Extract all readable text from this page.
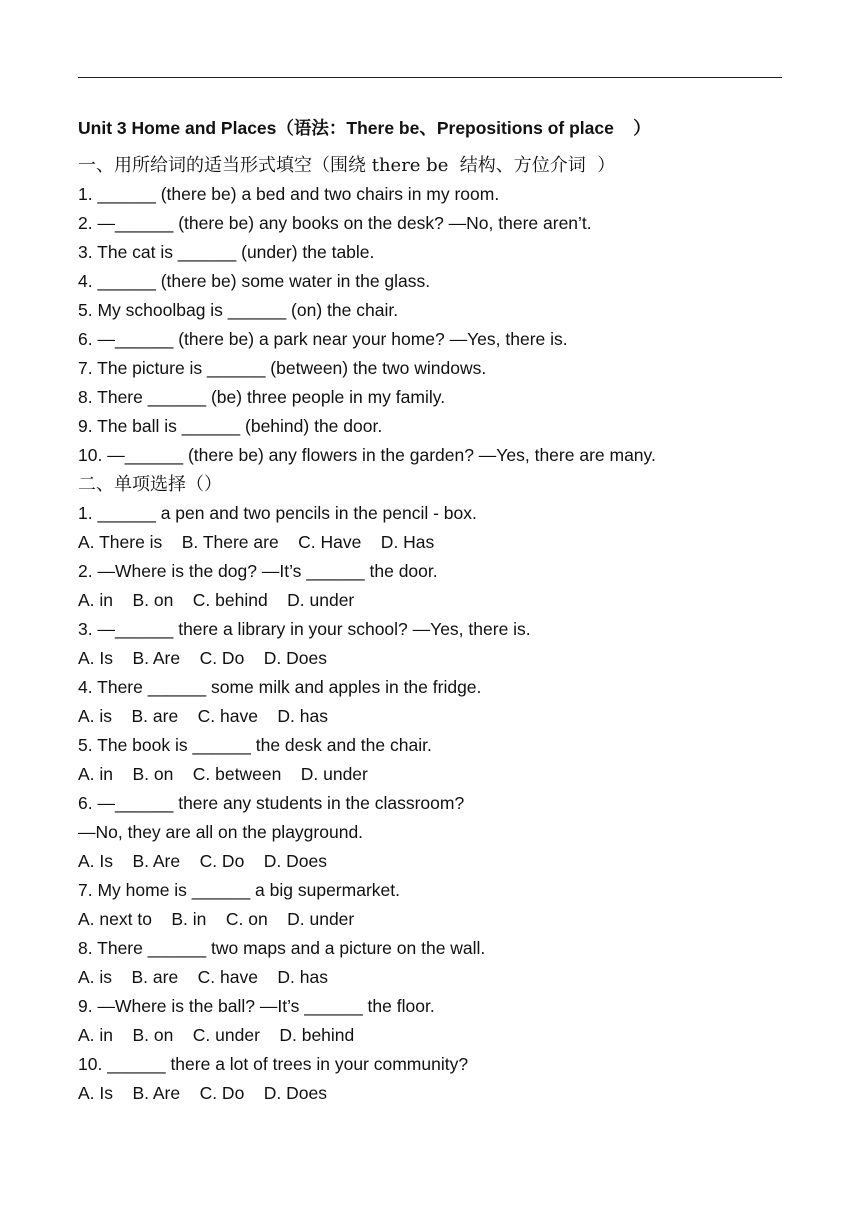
Unit 3 Home and Places（语法：There be、Prepositions of place    ）
一、用所给词的适当形式填空（围绕 there be  结构、方位介词  ）
1. ______ (there be) a bed and two chairs in my room.
2. —______ (there be) any books on the desk? —No, there aren’t.
3. The cat is ______ (under) the table.
4. ______ (there be) some water in the glass.
5. My schoolbag is ______ (on) the chair.
6. —______ (there be) a park near your home? —Yes, there is.
7. The picture is ______ (between) the two windows.
8. There ______ (be) three people in my family.
9. The ball is ______ (behind) the door.
10. —______ (there be) any flowers in the garden? —Yes, there are many.
二、单项选择（）
1. ______ a pen and two pencils in the pencil - box.
A. There is    B. There are    C. Have    D. Has
2. —Where is the dog? —It’s ______ the door.
A. in    B. on    C. behind    D. under
3. —______ there a library in your school? —Yes, there is.
A. Is    B. Are    C. Do    D. Does
4. There ______ some milk and apples in the fridge.
A. is    B. are    C. have    D. has
5. The book is ______ the desk and the chair.
A. in    B. on    C. between    D. under
6. —______ there any students in the classroom?
—No, they are all on the playground.
A. Is    B. Are    C. Do    D. Does
7. My home is ______ a big supermarket.
A. next to    B. in    C. on    D. under
8. There ______ two maps and a picture on the wall.
A. is    B. are    C. have    D. has
9. —Where is the ball? —It’s ______ the floor.
A. in    B. on    C. under    D. behind
10. ______ there a lot of trees in your community?
A. Is    B. Are    C. Do    D. Does
